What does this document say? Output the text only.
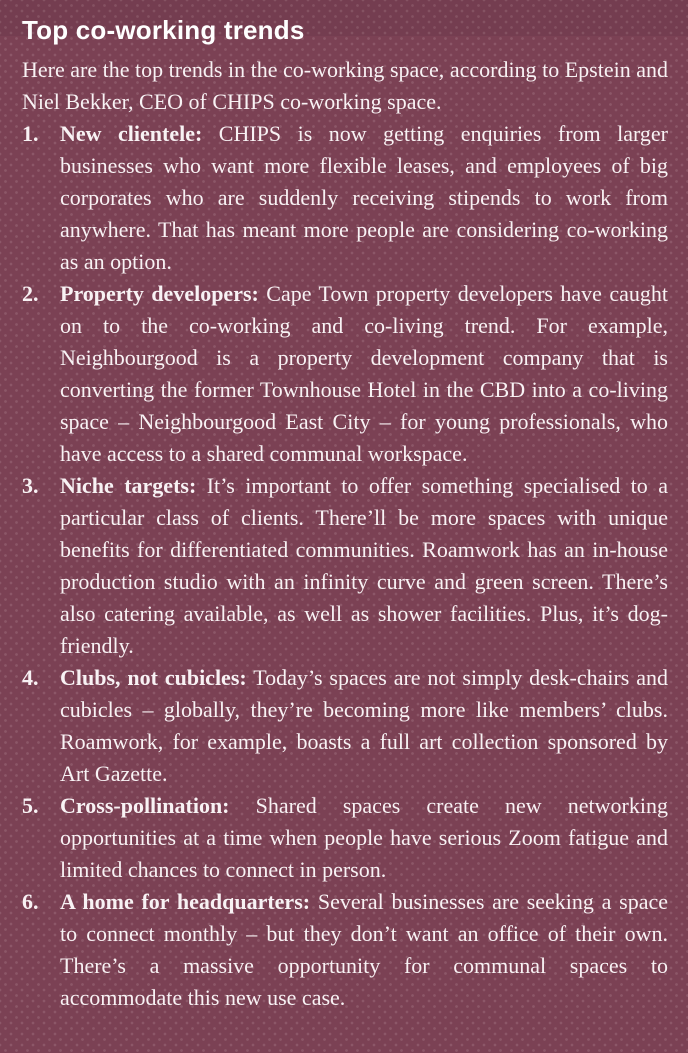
Top co-working trends

Here are the top trends in the co-working space, according to Epstein and Niel Bekker, CEO of CHIPS co-working space.

1. New clientele: CHIPS is now getting enquiries from larger businesses who want more flexible leases, and employees of big corporates who are suddenly receiving stipends to work from anywhere. That has meant more people are considering co-working as an option.

2. Property developers: Cape Town property developers have caught on to the co-working and co-living trend. For example, Neighbourgood is a property development company that is converting the former Townhouse Hotel in the CBD into a co-living space – Neighbourgood East City – for young professionals, who have access to a shared communal workspace.

3. Niche targets: It’s important to offer something specialised to a particular class of clients. There’ll be more spaces with unique benefits for differentiated communities. Roamwork has an in-house production studio with an infinity curve and green screen. There’s also catering available, as well as shower facilities. Plus, it’s dog-friendly.

4. Clubs, not cubicles: Today’s spaces are not simply desk-chairs and cubicles – globally, they’re becoming more like members’ clubs. Roamwork, for example, boasts a full art collection sponsored by Art Gazette.

5. Cross-pollination: Shared spaces create new networking opportunities at a time when people have serious Zoom fatigue and limited chances to connect in person.

6. A home for headquarters: Several businesses are seeking a space to connect monthly – but they don’t want an office of their own. There’s a massive opportunity for communal spaces to accommodate this new use case.
